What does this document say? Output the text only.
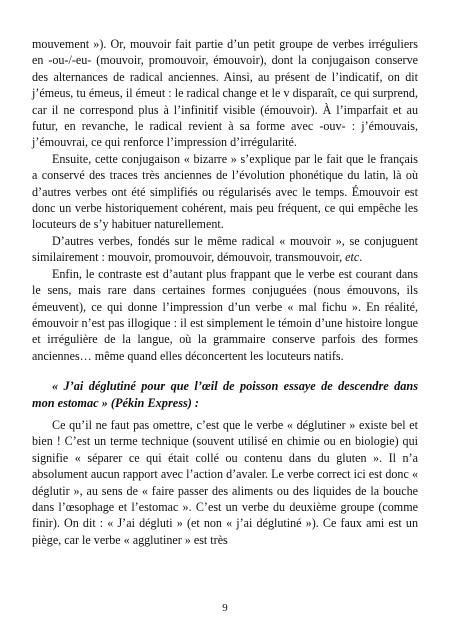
mouvement »). Or, mouvoir fait partie d’un petit groupe de verbes irréguliers en -ou-/-eu- (mouvoir, promouvoir, émouvoir), dont la conjugaison conserve des alternances de radical anciennes. Ainsi, au présent de l’indicatif, on dit j’émeus, tu émeus, il émeut : le radical change et le v disparaît, ce qui surprend, car il ne correspond plus à l’infinitif visible (émouvoir). À l’imparfait et au futur, en revanche, le radical revient à sa forme avec -ouv- : j’émouvais, j’émouvrai, ce qui renforce l’impression d’irrégularité.

Ensuite, cette conjugaison « bizarre » s’explique par le fait que le français a conservé des traces très anciennes de l’évolution phonétique du latin, là où d’autres verbes ont été simplifiés ou régularisés avec le temps. Émouvoir est donc un verbe historiquement cohérent, mais peu fréquent, ce qui empêche les locuteurs de s’y habituer naturellement.

D’autres verbes, fondés sur le même radical « mouvoir », se conjuguent similairement : mouvoir, promouvoir, démouvoir, transmouvoir, etc.

Enfin, le contraste est d’autant plus frappant que le verbe est courant dans le sens, mais rare dans certaines formes conjuguées (nous émouvons, ils émeuvent), ce qui donne l’impression d’un verbe « mal fichu ». En réalité, émouvoir n’est pas illogique : il est simplement le témoin d’une histoire longue et irrégulière de la langue, où la grammaire conserve parfois des formes anciennes… même quand elles déconcertent les locuteurs natifs.

« J’ai déglutiné pour que l’œil de poisson essaye de descendre dans mon estomac » (Pékin Express) :

Ce qu’il ne faut pas omettre, c’est que le verbe « déglutiner » existe bel et bien ! C’est un terme technique (souvent utilisé en chimie ou en biologie) qui signifie « séparer ce qui était collé ou contenu dans du gluten ». Il n’a absolument aucun rapport avec l’action d’avaler. Le verbe correct ici est donc « déglutir », au sens de « faire passer des aliments ou des liquides de la bouche dans l’œsophage et l’estomac ». C’est un verbe du deuxième groupe (comme finir). On dit : « J’ai dégluti » (et non « j’ai déglutiné »). Ce faux ami est un piège, car le verbe « agglutiner » est très

9
